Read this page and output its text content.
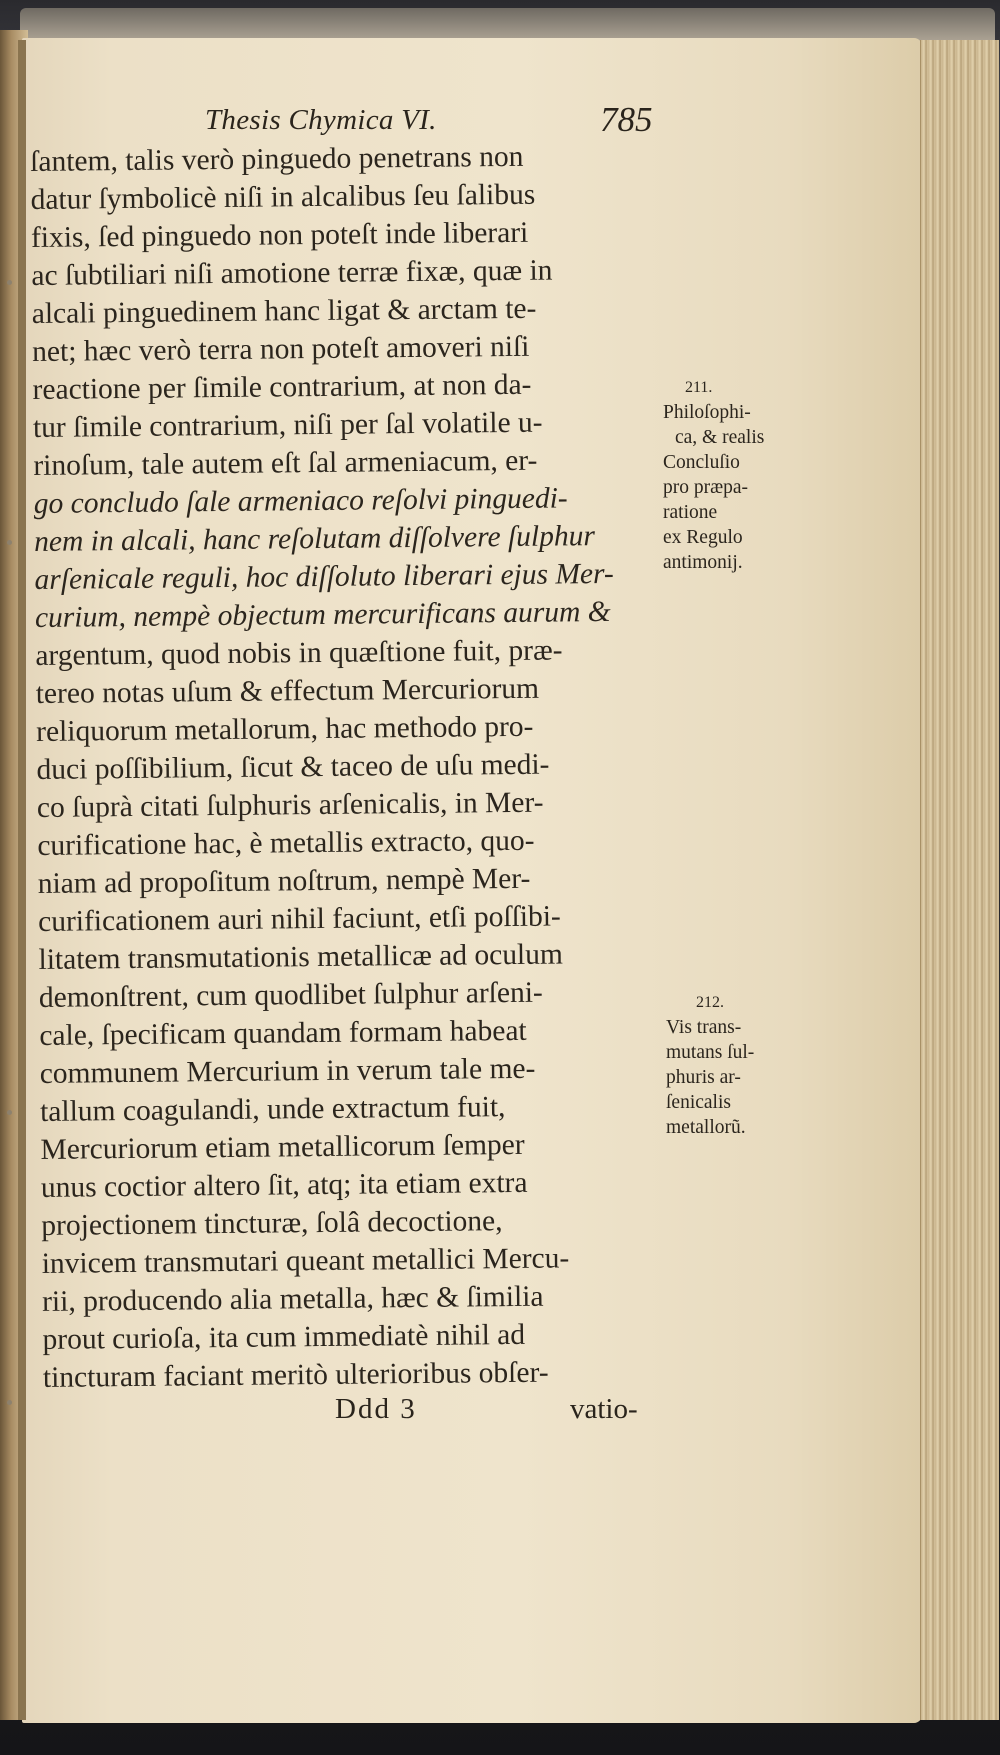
Thesis Chymica VI.	785
ſantem, talis verò pinguedo penetrans non
datur ſymbolicè niſi in alcalibus ſeu ſalibus
fixis, ſed pinguedo non poteſt inde liberari
ac ſubtiliari niſi amotione terræ fixæ, quæ in
alcali pinguedinem hanc ligat & arctam te-
net; hæc verò terra non poteſt amoveri niſi
reactione per ſimile contrarium, at non da-
tur ſimile contrarium, niſi per ſal volatile u-
rinoſum, tale autem eſt ſal armeniacum, er-
go concludo ſale armeniaco reſolvi pinguedi-
nem in alcali, hanc reſolutam diſſolvere ſulphur
arſenicale reguli, hoc diſſoluto liberari ejus Mer-
curium, nempè objectum mercurificans aurum &
argentum, quod nobis in quæſtione fuit, præ-
tereo notas uſum & effectum Mercuriorum
reliquorum metallorum, hac methodo pro-
duci poſſibilium, ſicut & taceo de uſu medi-
co ſuprà citati ſulphuris arſenicalis, in Mer-
curificatione hac, è metallis extracto, quo-
niam ad propoſitum noſtrum, nempè Mer-
curificationem auri nihil faciunt, etſi poſſibi-
litatem transmutationis metallicæ ad oculum
demonſtrent, cum quodlibet ſulphur arſeni-
cale, ſpecificam quandam formam habeat
communem Mercurium in verum tale me-
tallum coagulandi, unde extractum fuit,
Mercuriorum etiam metallicorum ſemper
unus coctior altero ſit, atq; ita etiam extra
projectionem tincturæ, ſolâ decoctione,
invicem transmutari queant metallici Mercu-
rii, producendo alia metalla, hæc & ſimilia
prout curioſa, ita cum immediatè nihil ad
tincturam faciant meritò ulterioribus obſer-
211.
Philoſophi-
ca, & realis
Concluſio
pro præpa-
ratione
ex Regulo
antimonij.
212.
Vis trans-
mutans ſul-
phuris ar-
ſenicalis
metallorũ.
Ddd 3	vatio-
